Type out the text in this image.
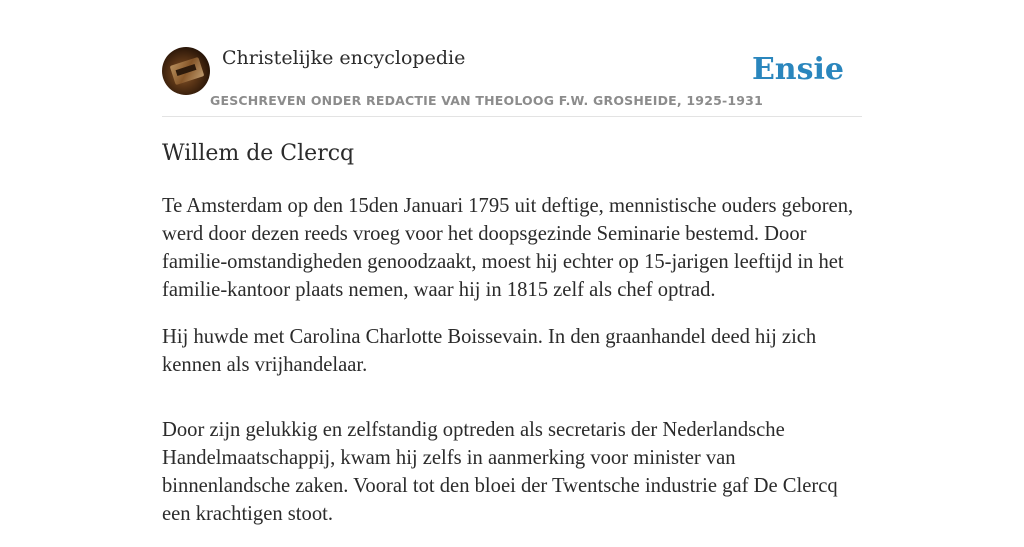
Christelijke encyclopedie
GESCHREVEN ONDER REDACTIE VAN THEOLOOG F.W. GROSHEIDE, 1925-1931
Ensie
Willem de Clercq

Te Amsterdam op den 15den Januari 1795 uit deftige, mennistische ouders geboren, werd door dezen reeds vroeg voor het doopsgezinde Seminarie bestemd. Door familie-omstandigheden genoodzaakt, moest hij echter op 15-jarigen leeftijd in het familie-kantoor plaats nemen, waar hij in 1815 zelf als chef optrad.

Hij huwde met Carolina Charlotte Boissevain. In den graanhandel deed hij zich kennen als vrijhandelaar.

Door zijn gelukkig en zelfstandig optreden als secretaris der Nederlandsche Handelmaatschappij, kwam hij zelfs in aanmerking voor minister van binnenlandsche zaken. Vooral tot den bloei der Twentsche industrie gaf De Clercq een krachtigen stoot.
